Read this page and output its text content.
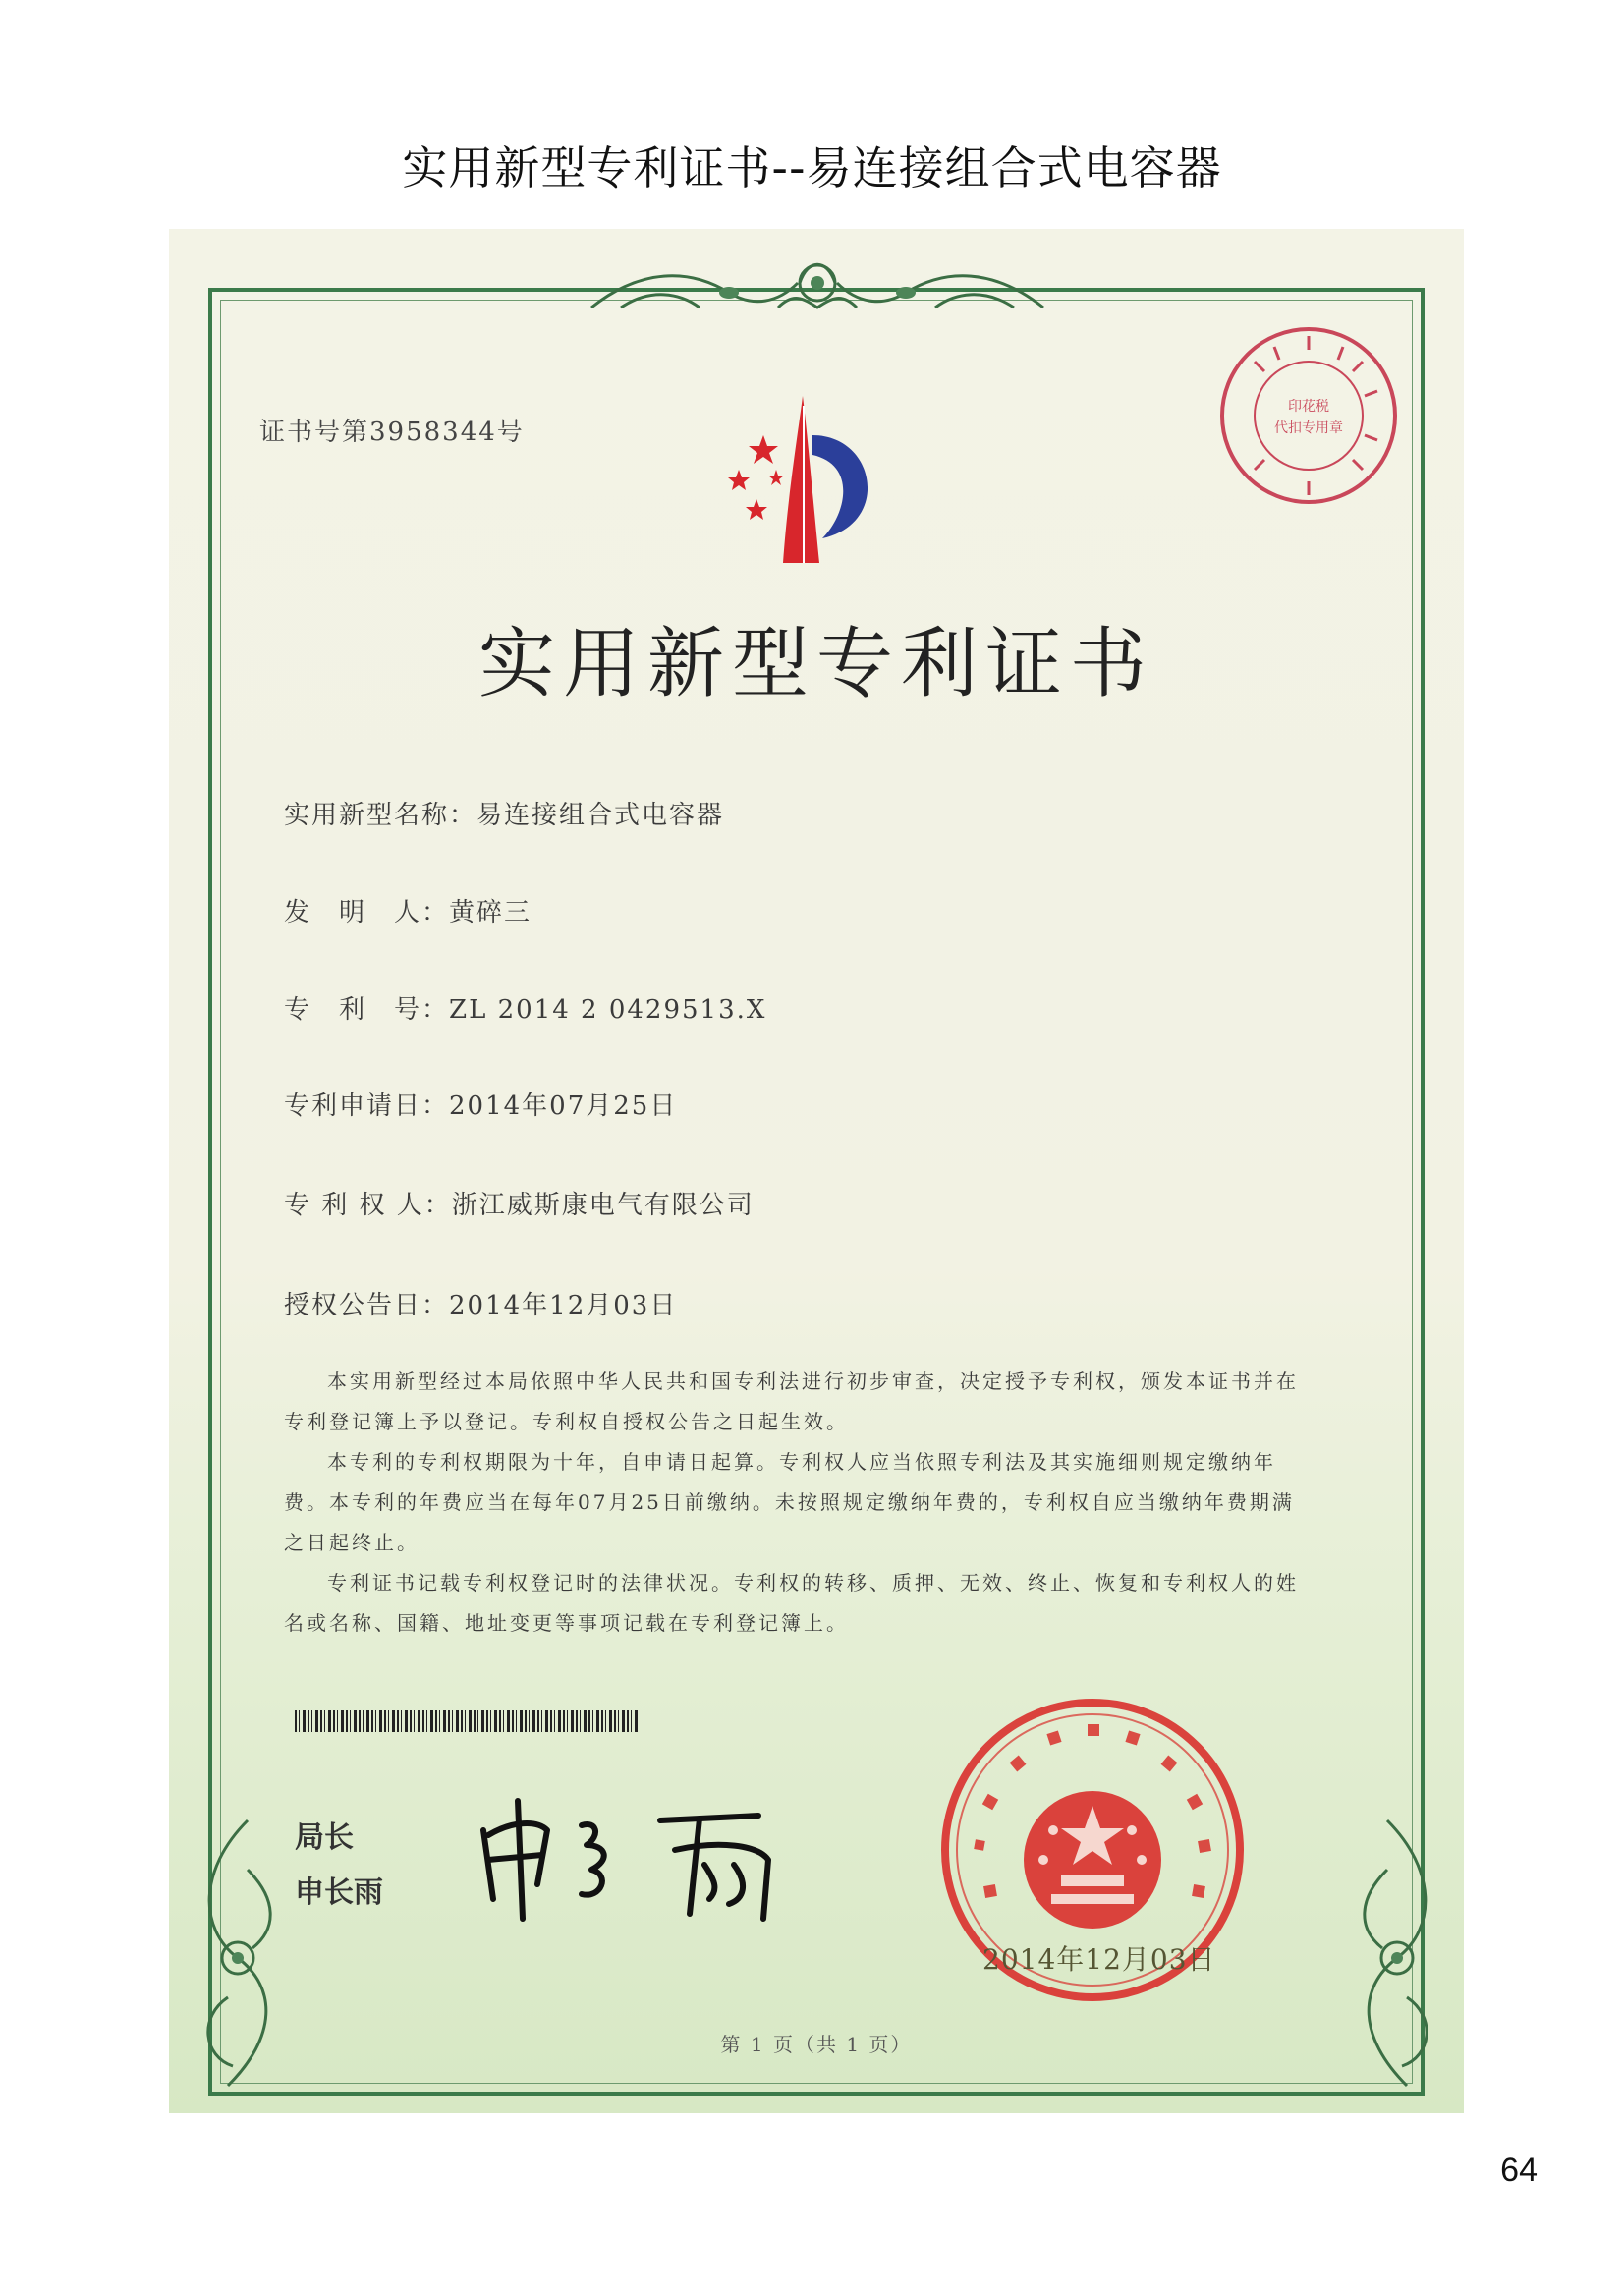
实用新型专利证书--易连接组合式电容器
印花税
代扣专用章
证书号第3958344号
实用新型专利证书
实用新型名称：易连接组合式电容器
发　明　人：黄碎三
专　利　号：ZL 2014 2 0429513.X
专利申请日：2014年07月25日
专 利 权 人：浙江威斯康电气有限公司
授权公告日：2014年12月03日

本实用新型经过本局依照中华人民共和国专利法进行初步审查，决定授予专利权，颁发本证书并在专利登记簿上予以登记。专利权自授权公告之日起生效。

本专利的专利权期限为十年，自申请日起算。专利权人应当依照专利法及其实施细则规定缴纳年费。本专利的年费应当在每年07月25日前缴纳。未按照规定缴纳年费的，专利权自应当缴纳年费期满之日起终止。

专利证书记载专利权登记时的法律状况。专利权的转移、质押、无效、终止、恢复和专利权人的姓名或名称、国籍、地址变更等事项记载在专利登记簿上。

局长
申长雨
2014年12月03日
第 1 页（共 1 页）
64
